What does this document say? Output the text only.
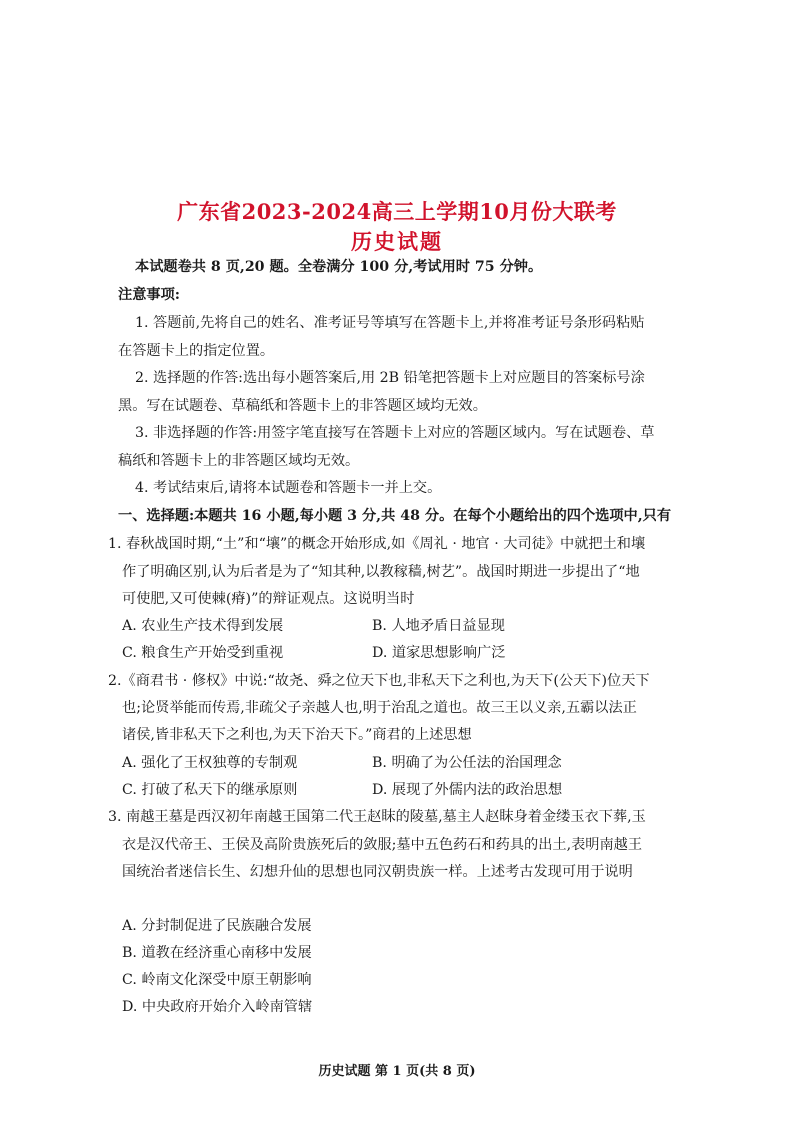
广东省2023-2024高三上学期10月份大联考
历史试题
本试题卷共 8 页,20 题。全卷满分 100 分,考试用时 75 分钟。
注意事项:
1. 答题前,先将自己的姓名、准考证号等填写在答题卡上,并将准考证号条形码粘贴
在答题卡上的指定位置。
2. 选择题的作答:选出每小题答案后,用 2B 铅笔把答题卡上对应题目的答案标号涂
黑。写在试题卷、草稿纸和答题卡上的非答题区域均无效。
3. 非选择题的作答:用签字笔直接写在答题卡上对应的答题区域内。写在试题卷、草
稿纸和答题卡上的非答题区域均无效。
4. 考试结束后,请将本试题卷和答题卡一并上交。
一、选择题:本题共 16 小题,每小题 3 分,共 48 分。在每个小题给出的四个选项中,只有
1. 春秋战国时期,“土”和“壤”的概念开始形成,如《周礼 · 地官 · 大司徒》中就把土和壤
作了明确区别,认为后者是为了“知其种,以教稼穑,树艺”。战国时期进一步提出了“地
可使肥,又可使棘(瘠)”的辩证观点。这说明当时
A. 农业生产技术得到发展	B. 人地矛盾日益显现
C. 粮食生产开始受到重视	D. 道家思想影响广泛
2.《商君书 · 修权》中说:“故尧、舜之位天下也,非私天下之利也,为天下(公天下)位天下
也;论贤举能而传焉,非疏父子亲越人也,明于治乱之道也。故三王以义亲,五霸以法正
诸侯,皆非私天下之利也,为天下治天下。”商君的上述思想
A. 强化了王权独尊的专制观	B. 明确了为公任法的治国理念
C. 打破了私天下的继承原则	D. 展现了外儒内法的政治思想
3. 南越王墓是西汉初年南越王国第二代王赵眜的陵墓,墓主人赵眜身着金缕玉衣下葬,玉
衣是汉代帝王、王侯及高阶贵族死后的敛服;墓中五色药石和药具的出土,表明南越王
国统治者迷信长生、幻想升仙的思想也同汉朝贵族一样。上述考古发现可用于说明
A. 分封制促进了民族融合发展
B. 道教在经济重心南移中发展
C. 岭南文化深受中原王朝影响
D. 中央政府开始介入岭南管辖
历史试题 第 1 页(共 8 页)
